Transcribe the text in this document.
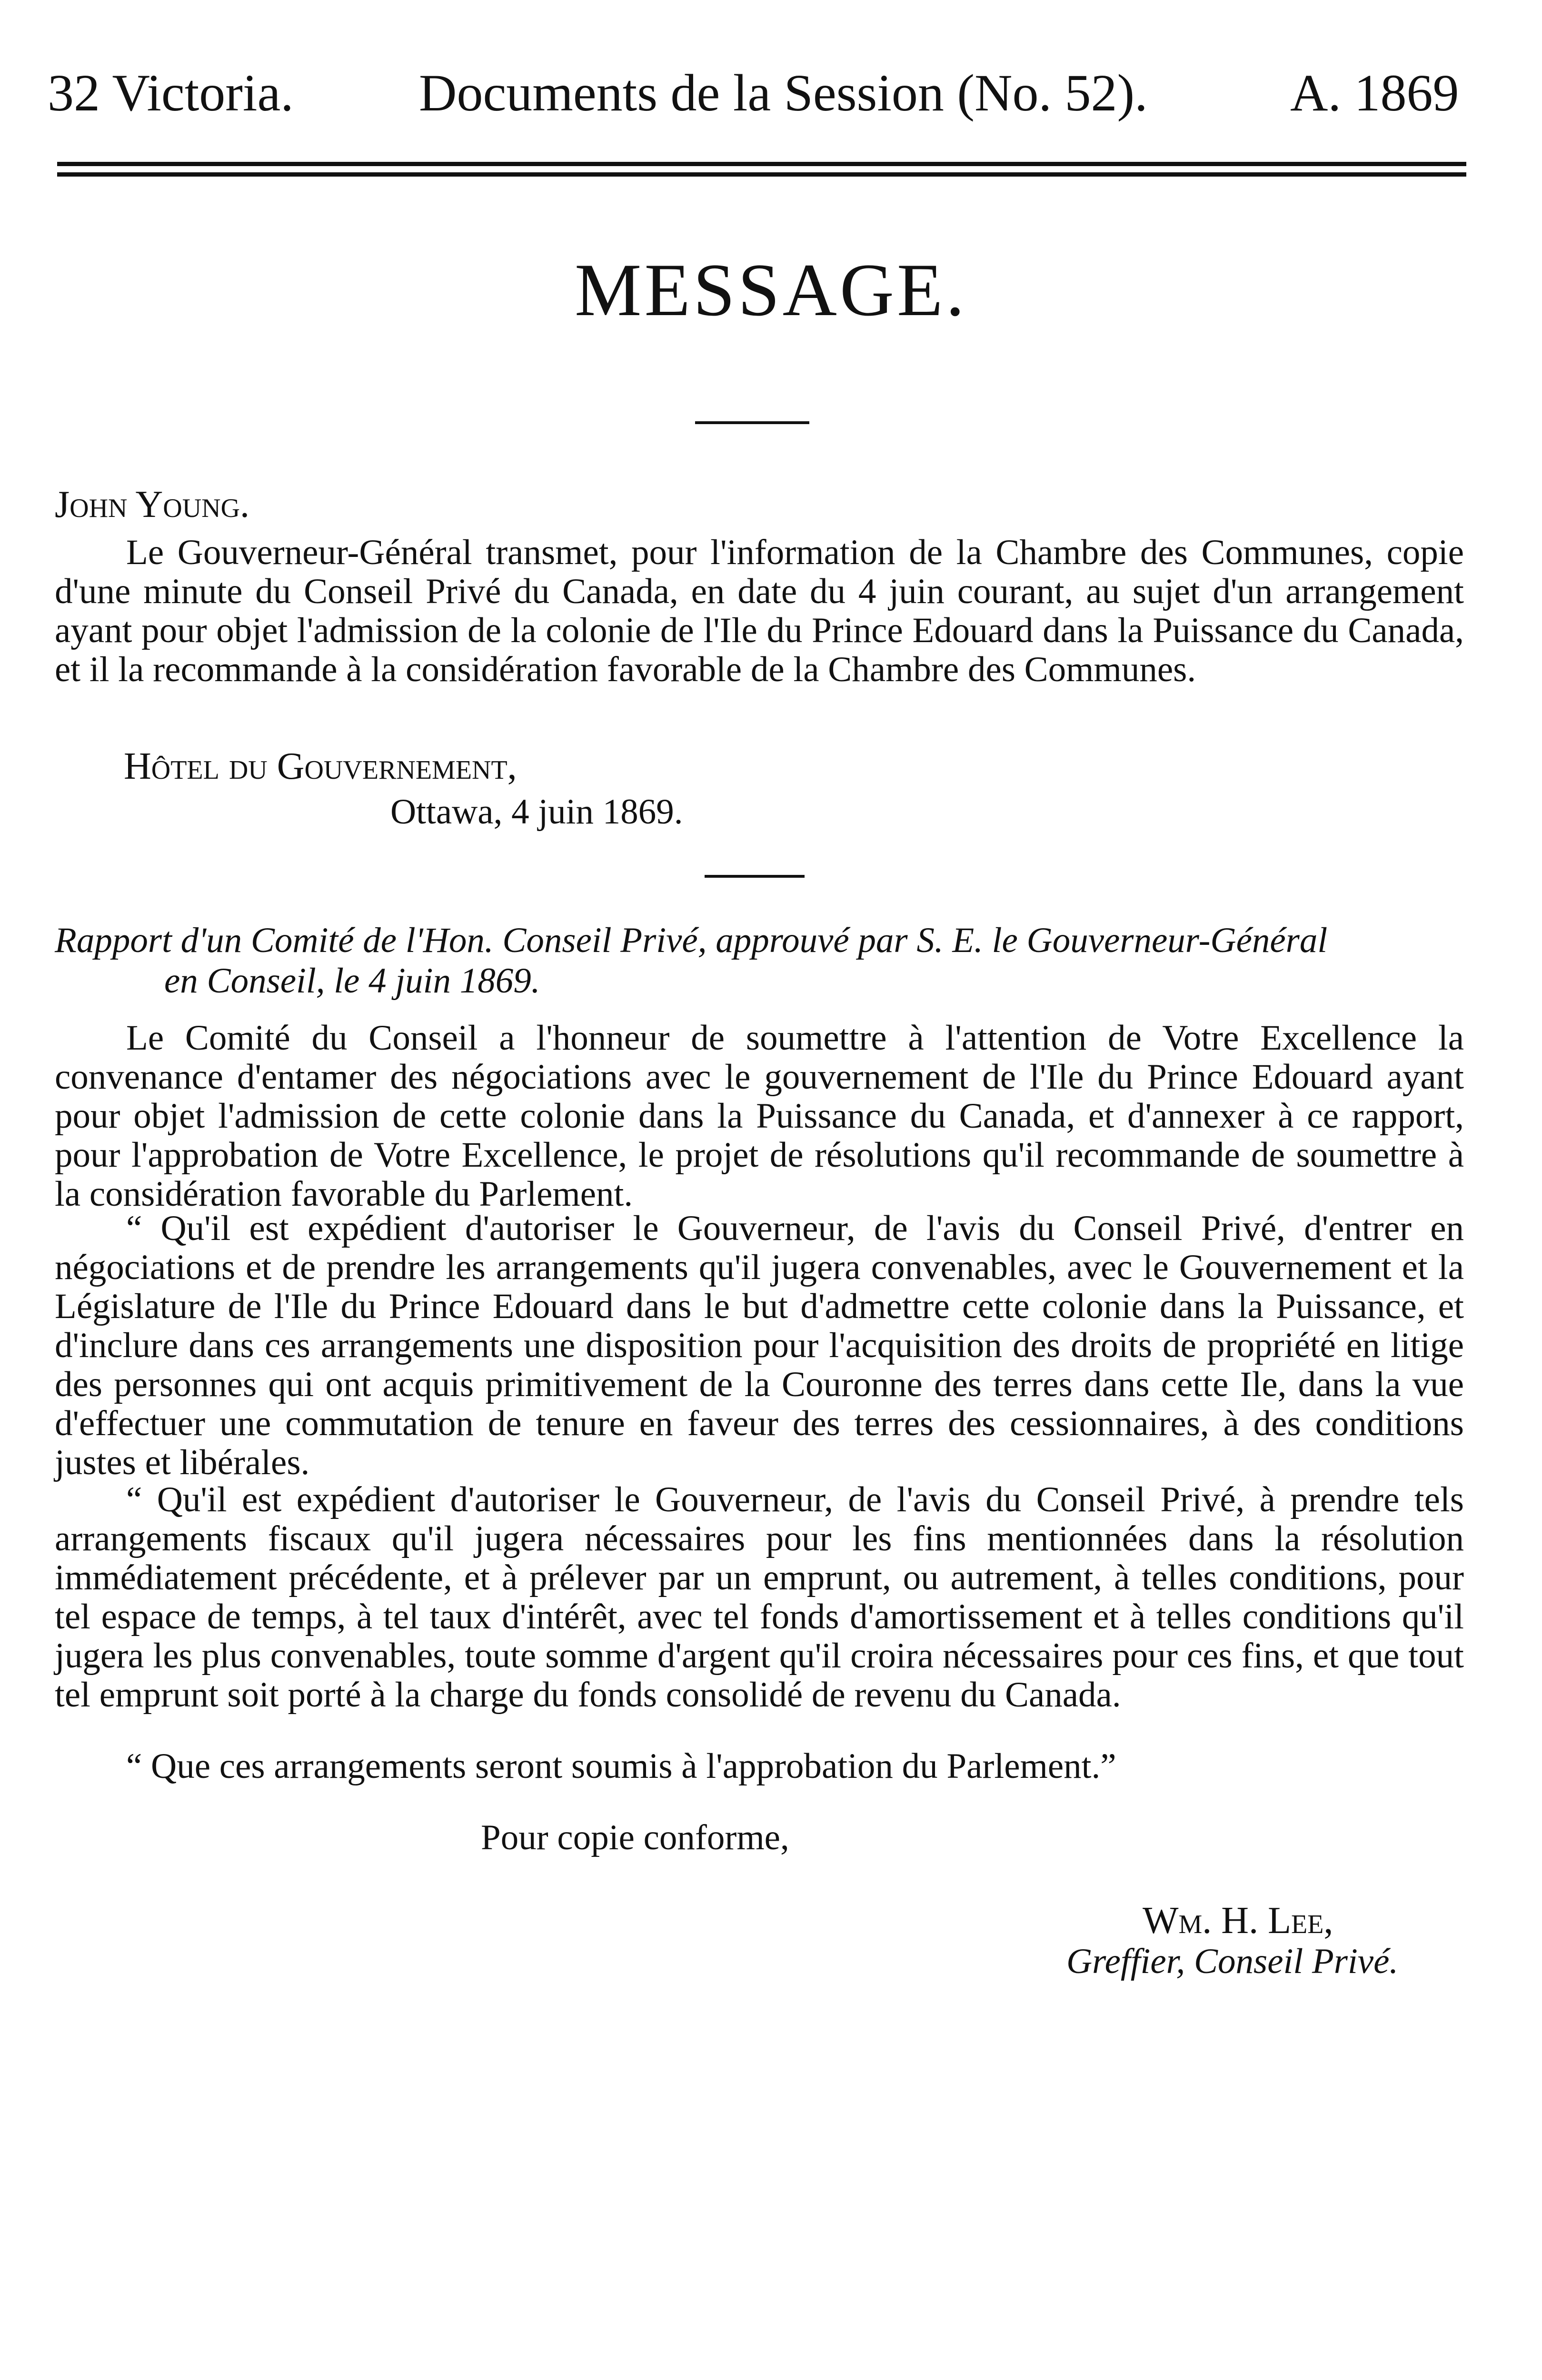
32 Victoria. Documents de la Session (No. 52).	A. 1869
MESSAGE.
John Young.

Le Gouverneur-Général transmet, pour l'information de la Chambre des Communes, copie d'une minute du Conseil Privé du Canada, en date du 4 juin courant, au sujet d'un arrangement ayant pour objet l'admission de la colonie de l'Ile du Prince Edouard dans la Puissance du Canada, et il la recommande à la considération favorable de la Chambre des Communes.

Hôtel du Gouvernement,
Ottawa, 4 juin 1869.
Rapport d'un Comité de l'Hon. Conseil Privé, approuvé par S. E. le Gouverneur-Général
en Conseil, le 4 juin 1869.

Le Comité du Conseil a l'honneur de soumettre à l'attention de Votre Excellence la convenance d'entamer des négociations avec le gouvernement de l'Ile du Prince Edouard ayant pour objet l'admission de cette colonie dans la Puissance du Canada, et d'annexer à ce rapport, pour l'approbation de Votre Excellence, le projet de résolutions qu'il recommande de soumettre à la considération favorable du Parlement.

“ Qu'il est expédient d'autoriser le Gouverneur, de l'avis du Conseil Privé, d'entrer en négociations et de prendre les arrangements qu'il jugera convenables, avec le Gouvernement et la Législature de l'Ile du Prince Edouard dans le but d'admettre cette colonie dans la Puissance, et d'inclure dans ces arrangements une disposition pour l'acquisition des droits de propriété en litige des personnes qui ont acquis primitivement de la Couronne des terres dans cette Ile, dans la vue d'effectuer une commutation de tenure en faveur des terres des cessionnaires, à des conditions justes et libérales.

“ Qu'il est expédient d'autoriser le Gouverneur, de l'avis du Conseil Privé, à prendre tels arrangements fiscaux qu'il jugera nécessaires pour les fins mentionnées dans la résolution immédiatement précédente, et à prélever par un emprunt, ou autrement, à telles conditions, pour tel espace de temps, à tel taux d'intérêt, avec tel fonds d'amortissement et à telles conditions qu'il jugera les plus convenables, toute somme d'argent qu'il croira nécessaires pour ces fins, et que tout tel emprunt soit porté à la charge du fonds consolidé de revenu du Canada.

“ Que ces arrangements seront soumis à l'approbation du Parlement.”

Pour copie conforme,
Wm. H. Lee,
Greffier, Conseil Privé.
